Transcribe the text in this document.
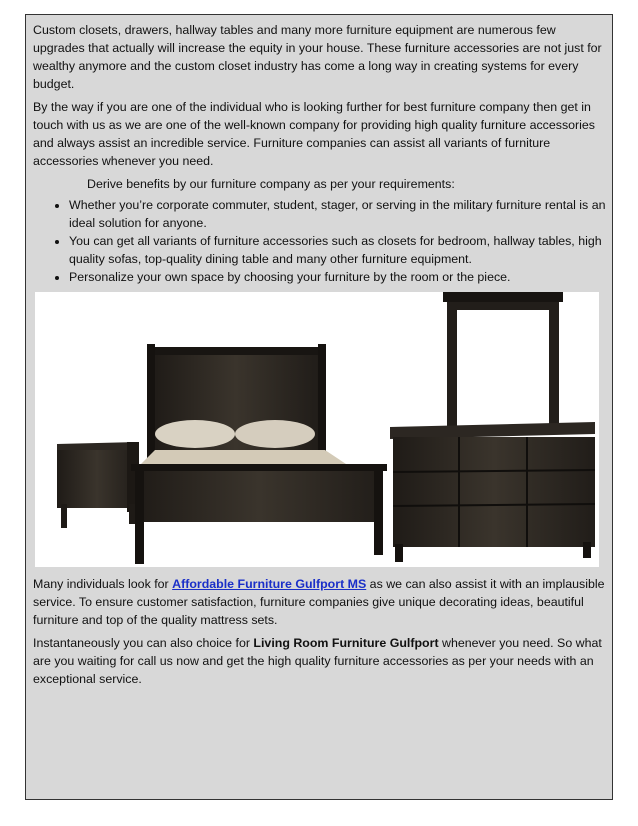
Custom closets, drawers, hallway tables and many more furniture equipment are numerous few upgrades that actually will increase the equity in your house. These furniture accessories are not just for wealthy anymore and the custom closet industry has come a long way in creating systems for every budget.

By the way if you are one of the individual who is looking further for best furniture company then get in touch with us as we are one of the well-known company for providing high quality furniture accessories and always assist an incredible service. Furniture companies can assist all variants of furniture accessories whenever you need.

Derive benefits by our furniture company as per your requirements:

• Whether you’re corporate commuter, student, stager, or serving in the military furniture rental is an ideal solution for anyone.
• You can get all variants of furniture accessories such as closets for bedroom, hallway tables, high quality sofas, top-quality dining table and many other furniture equipment.
• Personalize your own space by choosing your furniture by the room or the piece.

Many individuals look for Affordable Furniture Gulfport MS as we can also assist it with an implausible service. To ensure customer satisfaction, furniture companies give unique decorating ideas, beautiful furniture and top of the quality mattress sets.

Instantaneously you can also choice for Living Room Furniture Gulfport whenever you need. So what are you waiting for call us now and get the high quality furniture accessories as per your needs with an exceptional service.
